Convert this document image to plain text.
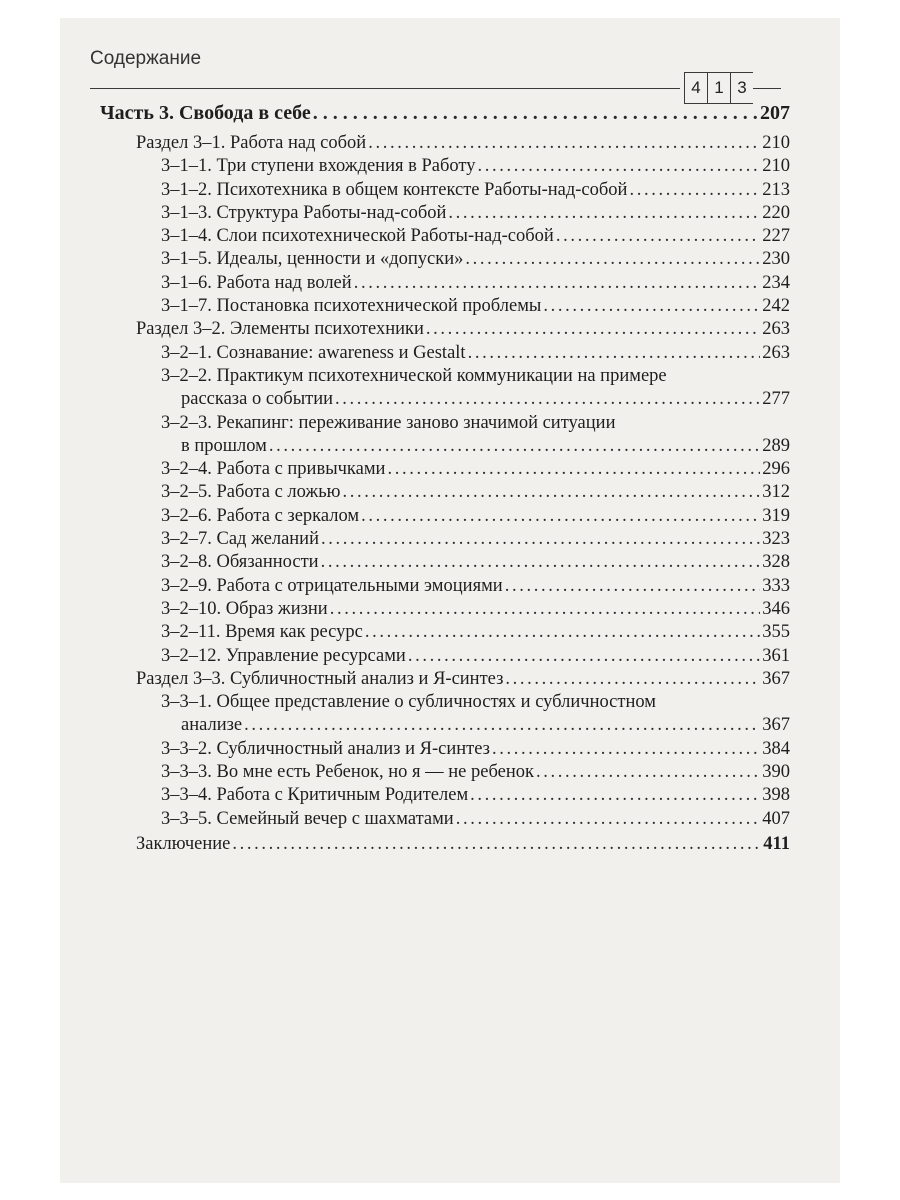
Содержание
4 1 3
Часть 3. Свобода в себе . . .	207
Раздел 3–1. Работа над собой . . .	210
3–1–1. Три ступени вхождения в Работу . . .	210
3–1–2. Психотехника в общем контексте Работы-над-собой . . .	213
3–1–3. Структура Работы-над-собой . . .	220
3–1–4. Слои психотехнической Работы-над-собой . . .	227
3–1–5. Идеалы, ценности и «допуски» . . .	230
3–1–6. Работа над волей . . .	234
3–1–7. Постановка психотехнической проблемы . . .	242
Раздел 3–2. Элементы психотехники . . .	263
3–2–1. Сознавание: awareness и Gestalt . . .	263
3–2–2. Практикум психотехнической коммуникации на примере
рассказа о событии . . .	277
3–2–3. Рекапинг: переживание заново значимой ситуации
в прошлом . . .	289
3–2–4. Работа с привычками . . .	296
3–2–5. Работа с ложью . . .	312
3–2–6. Работа с зеркалом . . .	319
3–2–7. Сад желаний . . .	323
3–2–8. Обязанности . . .	328
3–2–9. Работа с отрицательными эмоциями . . .	333
3–2–10. Образ жизни . . .	346
3–2–11. Время как ресурс . . .	355
3–2–12. Управление ресурсами . . .	361
Раздел 3–3. Субличностный анализ и Я-синтез . . .	367
3–3–1. Общее представление о субличностях и субличностном
анализе . . .	367
3–3–2. Субличностный анализ и Я-синтез . . .	384
3–3–3. Во мне есть Ребенок, но я — не ребенок . . .	390
3–3–4. Работа с Критичным Родителем . . .	398
3–3–5. Семейный вечер с шахматами . . .	407
Заключение . . .	411
